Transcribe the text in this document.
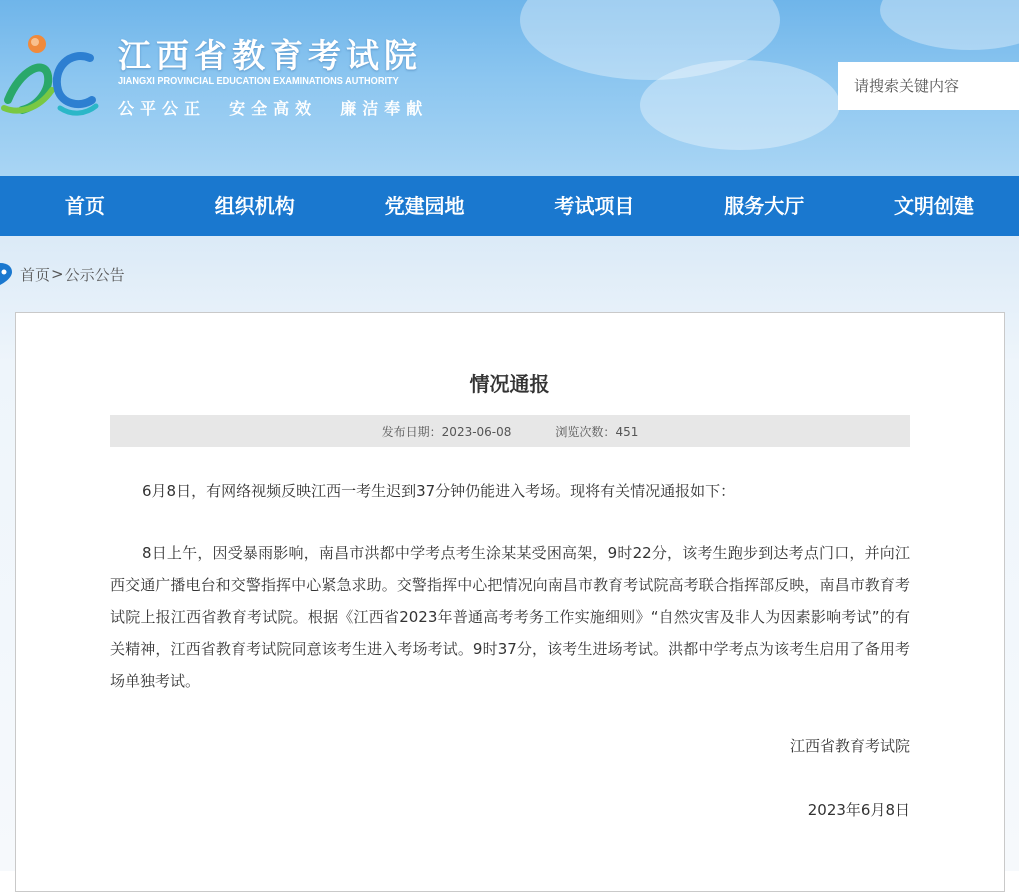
江西省教育考试院
JIANGXI PROVINCIAL EDUCATION EXAMINATIONS AUTHORITY
公平公正  安全高效  廉洁奉献
请搜索关键内容
首页	组织机构	党建园地	考试项目	服务大厅	文明创建
首页 > 公示公告
情况通报
发布日期：2023-06-08	浏览次数：451

6月8日，有网络视频反映江西一考生迟到37分钟仍能进入考场。现将有关情况通报如下：

8日上午，因受暴雨影响，南昌市洪都中学考点考生涂某某受困高架，9时22分，该考生跑步到达考点门口，并向江西交通广播电台和交警指挥中心紧急求助。交警指挥中心把情况向南昌市教育考试院高考联合指挥部反映，南昌市教育考试院上报江西省教育考试院。根据《江西省2023年普通高考考务工作实施细则》“自然灾害及非人为因素影响考试”的有关精神，江西省教育考试院同意该考生进入考场考试。9时37分，该考生进场考试。洪都中学考点为该考生启用了备用考场单独考试。

江西省教育考试院
2023年6月8日
